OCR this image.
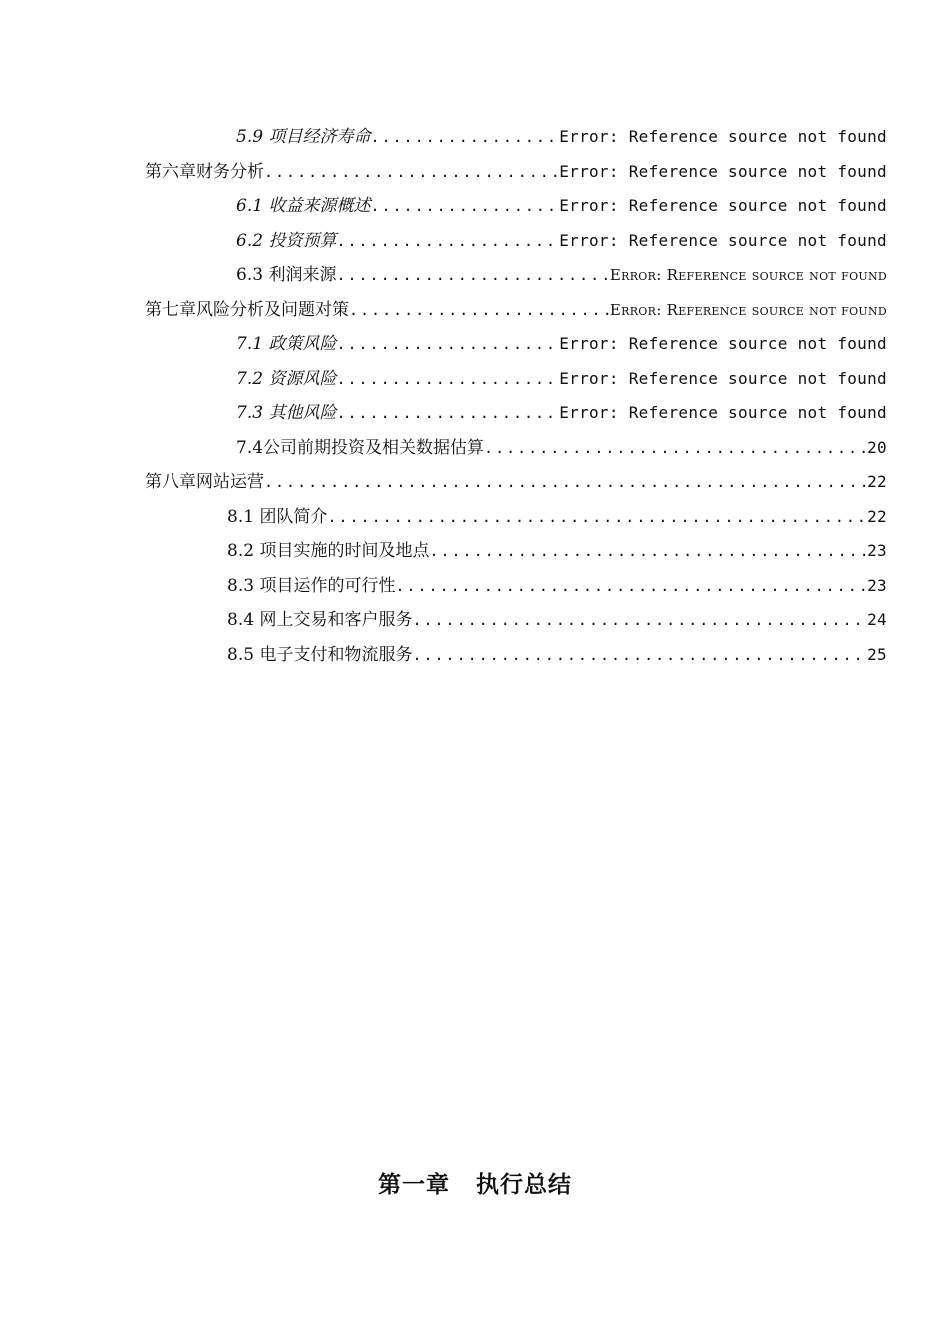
5.9 项目经济寿命 .....	Error: Reference source not found
第六章 财务分析 .....	Error: Reference source not found
6.1 收益来源概述 .....	Error: Reference source not found
6.2 投资预算 .....	Error: Reference source not found
6.3 利润来源 .....	Error: Reference source not found
第七章 风险分析及问题对策 .....	Error: Reference source not found
7.1 政策风险 .....	Error: Reference source not found
7.2 资源风险 .....	Error: Reference source not found
7.3 其他风险 .....	Error: Reference source not found
7.4公司前期投资及相关数据估算 .....	20
第八章 网站运营 .....	22
8.1 团队简介 .....	22
8.2 项目实施的时间及地点 .....	23
8.3 项目运作的可行性 .....	23
8.4 网上交易和客户服务 .....	24
8.5 电子支付和物流服务 .....	25
第一章 执行总结
